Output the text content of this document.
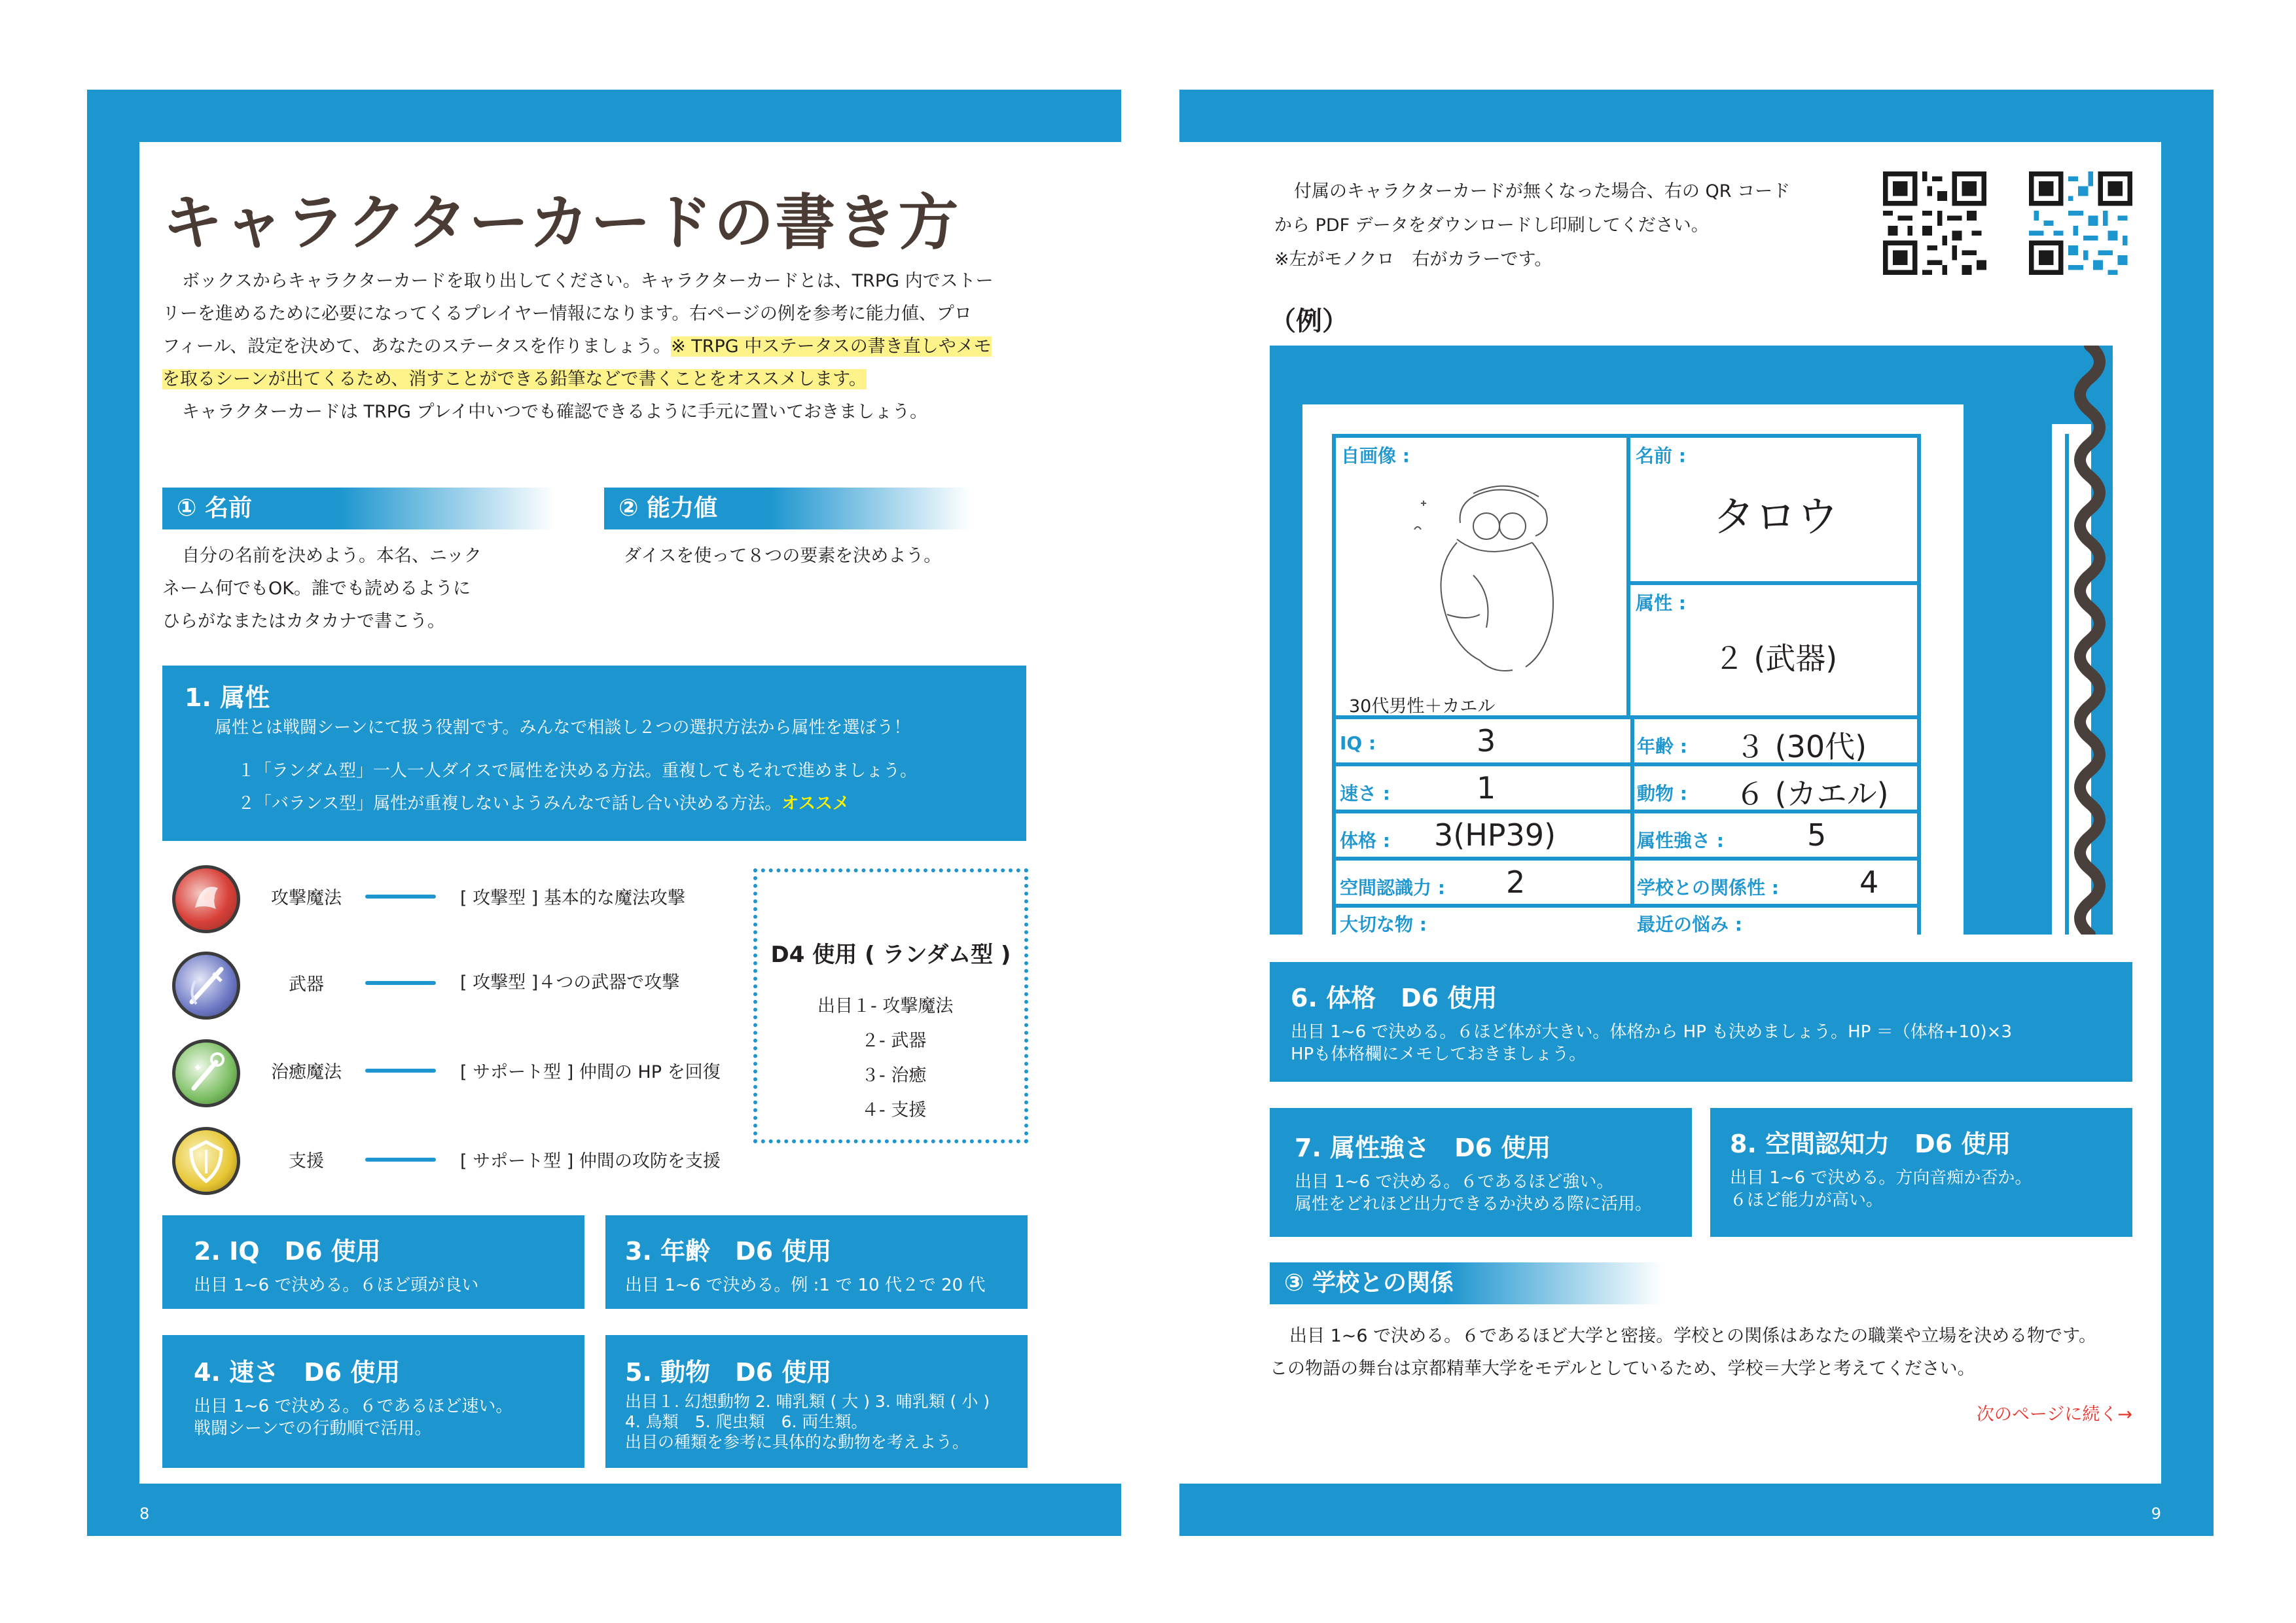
キャラクターカードの書き方
ボックスからキャラクターカードを取り出してください。キャラクターカードとは、TRPG 内でストー
リーを進めるために必要になってくるプレイヤー情報になります。右ページの例を参考に能力値、プロ
フィール、設定を決めて、あなたのステータスを作りましょう。※ TRPG 中ステータスの書き直しやメモ
を取るシーンが出てくるため、消すことができる鉛筆などで書くことをオススメします。
キャラクターカードは TRPG プレイ中いつでも確認できるように手元に置いておきましょう。
① 名前
自分の名前を決めよう。本名、ニック
ネーム何でもOK。誰でも読めるように
ひらがなまたはカタカナで書こう。
② 能力値
ダイスを使って８つの要素を決めよう。
1. 属性
属性とは戦闘シーンにて扱う役割です。みんなで相談し２つの選択方法から属性を選ぼう！
１「ランダム型」一人一人ダイスで属性を決める方法。重複してもそれで進めましょう。
２「バランス型」属性が重複しないようみんなで話し合い決める方法。オススメ
攻撃魔法	[ 攻撃型 ] 基本的な魔法攻撃
武器	[ 攻撃型 ]４つの武器で攻撃
治癒魔法	[ サポート型 ] 仲間の HP を回復
支援	[ サポート型 ] 仲間の攻防を支援
D4 使用 ( ランダム型 )
出目１- 攻撃魔法
２- 武器
３- 治癒
４- 支援
2. IQ　D6 使用
出目 1~6 で決める。６ほど頭が良い
3. 年齢　D6 使用
出目 1~6 で決める。例 :1 で 10 代２で 20 代
4. 速さ　D6 使用
出目 1~6 で決める。６であるほど速い。
戦闘シーンでの行動順で活用。
5. 動物　D6 使用
出目１. 幻想動物 2. 哺乳類 ( 大 ) 3. 哺乳類 ( 小 )
4. 鳥類　5. 爬虫類　6. 両生類。
出目の種類を参考に具体的な動物を考えよう。
8
付属のキャラクターカードが無くなった場合、右の QR コード
から PDF データをダウンロードし印刷してください。
※左がモノクロ　右がカラーです。
（例）
自画像 :
30代男性＋カエル
名前 :
タロウ
属性 :
２ (武器)
IQ :	3	年齢 : ３ (30代)
速さ :	1	動物 : ６ (カエル)
体格 : 3(HP39)	属性強さ :	5
空間認識力 : 2	学校との関係性 :	4
大切な物 :	最近の悩み :
6. 体格　D6 使用
出目 1~6 で決める。６ほど体が大きい。体格から HP も決めましょう。HP ＝（体格+10)×3
HPも体格欄にメモしておきましょう。
7. 属性強さ　D6 使用
出目 1~6 で決める。６であるほど強い。
属性をどれほど出力できるか決める際に活用。
8. 空間認知力　D6 使用
出目 1~6 で決める。方向音痴か否か。
６ほど能力が高い。
③ 学校との関係
出目 1~6 で決める。６であるほど大学と密接。学校との関係はあなたの職業や立場を決める物です。
この物語の舞台は京都精華大学をモデルとしているため、学校＝大学と考えてください。
次のページに続く→
9
